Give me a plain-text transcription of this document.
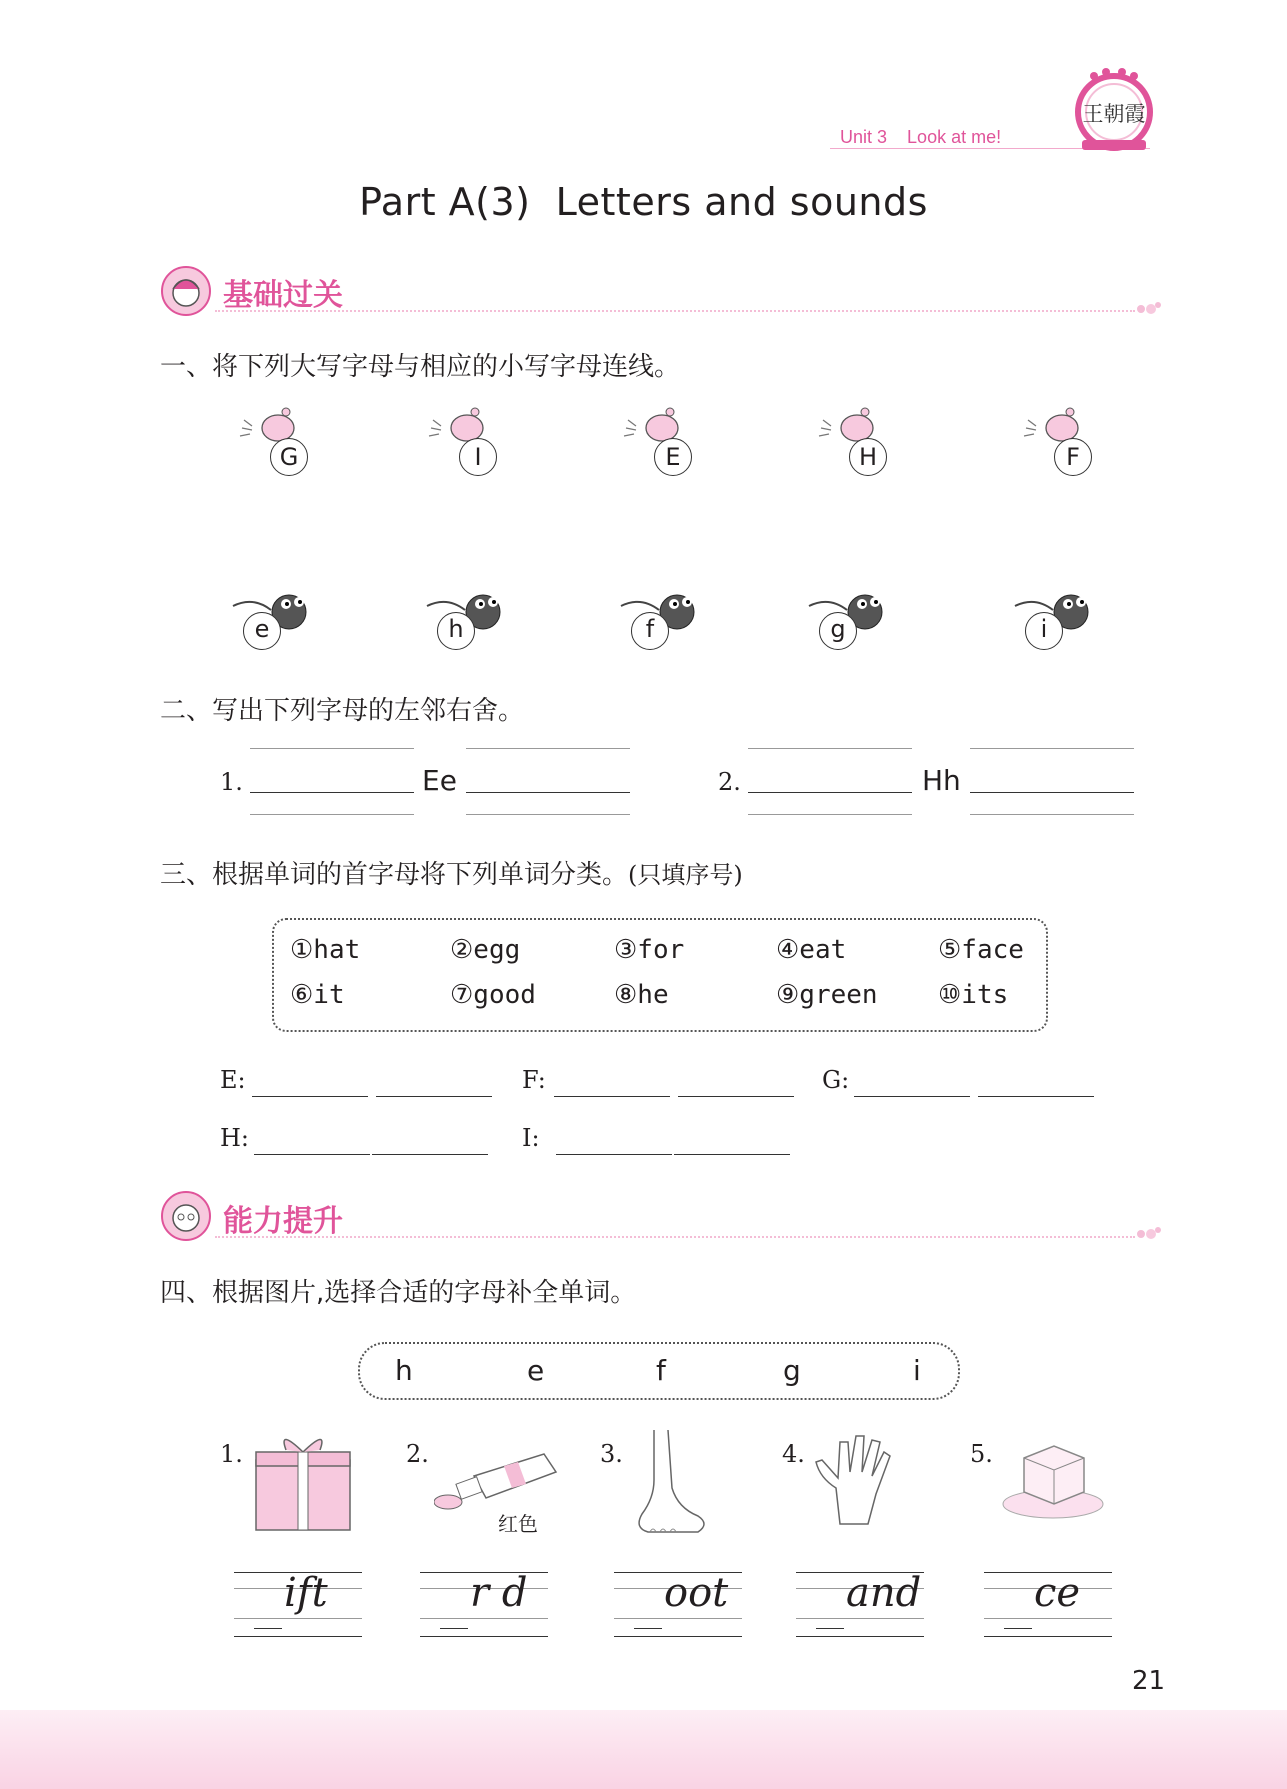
Unit 3 Look at me!
王朝霞
Part A(3)  Letters and sounds
基础过关
一、将下列大写字母与相应的小写字母连线。
二、写出下列字母的左邻右舍。
1.	Ee	2.	Hh
三、根据单词的首字母将下列单词分类。(只填序号)
能力提升
四、根据图片,选择合适的字母补全单词。
21
G	I	E	H	F
e	h	f	g	i
①hat	②egg	③for	④eat	⑤face
⑥it	⑦good	⑧he	⑨green ⑩its
E:	F:	G:
H:	I:
h	e	f	g	i
1.
ift
2.
红色
r d
3.
oot
4.
and
5.
ce
